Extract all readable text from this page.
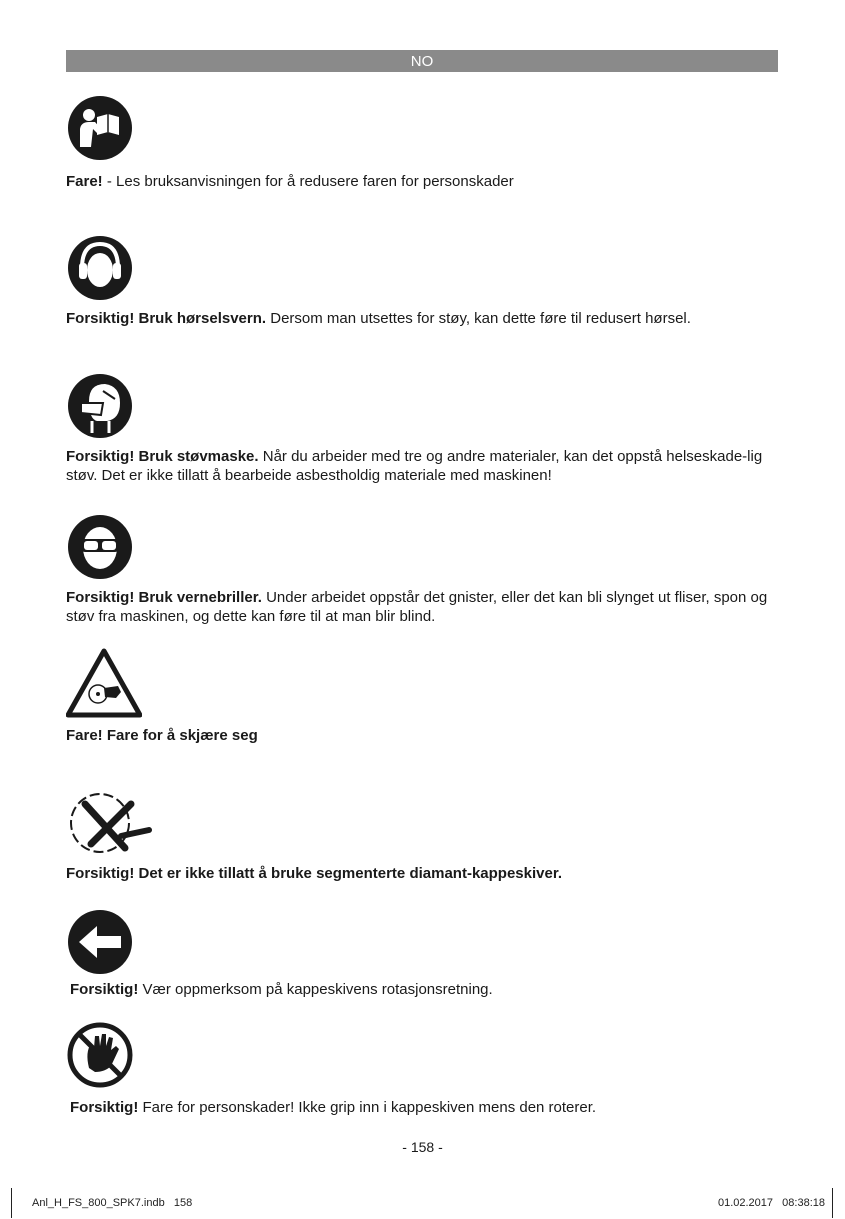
NO

Fare! - Les bruksanvisningen for å redusere faren for personskader

Forsiktig! Bruk hørselsvern. Dersom man utsettes for støy, kan dette føre til redusert hørsel.

Forsiktig! Bruk støvmaske. Når du arbeider med tre og andre materialer, kan det oppstå helseskade-lig støv. Det er ikke tillatt å bearbeide asbestholdig materiale med maskinen!

Forsiktig! Bruk vernebriller. Under arbeidet oppstår det gnister, eller det kan bli slynget ut fliser, spon og støv fra maskinen, og dette kan føre til at man blir blind.

Fare! Fare for å skjære seg

Forsiktig! Det er ikke tillatt å bruke segmenterte diamant-kappeskiver.

Forsiktig! Vær oppmerksom på kappeskivens rotasjonsretning.

Forsiktig! Fare for personskader! Ikke grip inn i kappeskiven mens den roterer.

- 158 -
Anl_H_FS_800_SPK7.indb   158	01.02.2017   08:38:18
